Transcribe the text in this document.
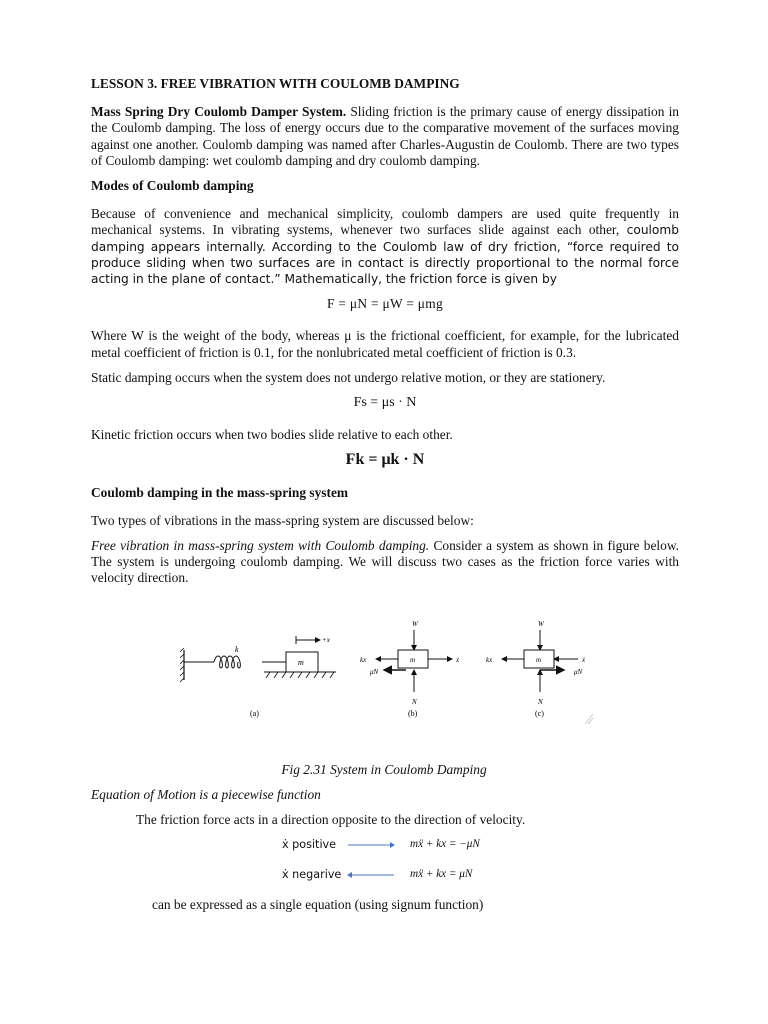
LESSON 3. FREE VIBRATION WITH COULOMB DAMPING

Mass Spring Dry Coulomb Damper System. Sliding friction is the primary cause of energy dissipation in the Coulomb damping. The loss of energy occurs due to the comparative movement of the surfaces moving against one another. Coulomb damping was named after Charles-Augustin de Coulomb. There are two types of Coulomb damping: wet coulomb damping and dry coulomb damping.

Modes of Coulomb damping

Because of convenience and mechanical simplicity, coulomb dampers are used quite frequently in mechanical systems. In vibrating systems, whenever two surfaces slide against each other, coulomb damping appears internally. According to the Coulomb law of dry friction, “force required to produce sliding when two surfaces are in contact is directly proportional to the normal force acting in the plane of contact.” Mathematically, the friction force is given by

F = μN = μW = μmg

Where W is the weight of the body, whereas μ is the frictional coefficient, for example, for the lubricated metal coefficient of friction is 0.1, for the nonlubricated metal coefficient of friction is 0.3.

Static damping occurs when the system does not undergo relative motion, or they are stationery.

Fs = μs · N

Kinetic friction occurs when two bodies slide relative to each other.

Fk = μk · N
Coulomb damping in the mass-spring system

Two types of vibrations in the mass-spring system are discussed below:

Free vibration in mass-spring system with Coulomb damping. Consider a system as shown in figure below. The system is undergoing coulomb damping. We will discuss two cases as the friction force varies with velocity direction.

k
m
+x
(a)
W
m
kx	ẋ
μN
N
(b)
W
m
kx	ẋ
μN
N
(c)
Fig 2.31 System in Coulomb Damping
Equation of Motion is a piecewise function
The friction force acts in a direction opposite to the direction of velocity.
ẋ positive	mẍ + kx = −μN
ẋ negarive	mẍ + kx = μN
can be expressed as a single equation (using signum function)
